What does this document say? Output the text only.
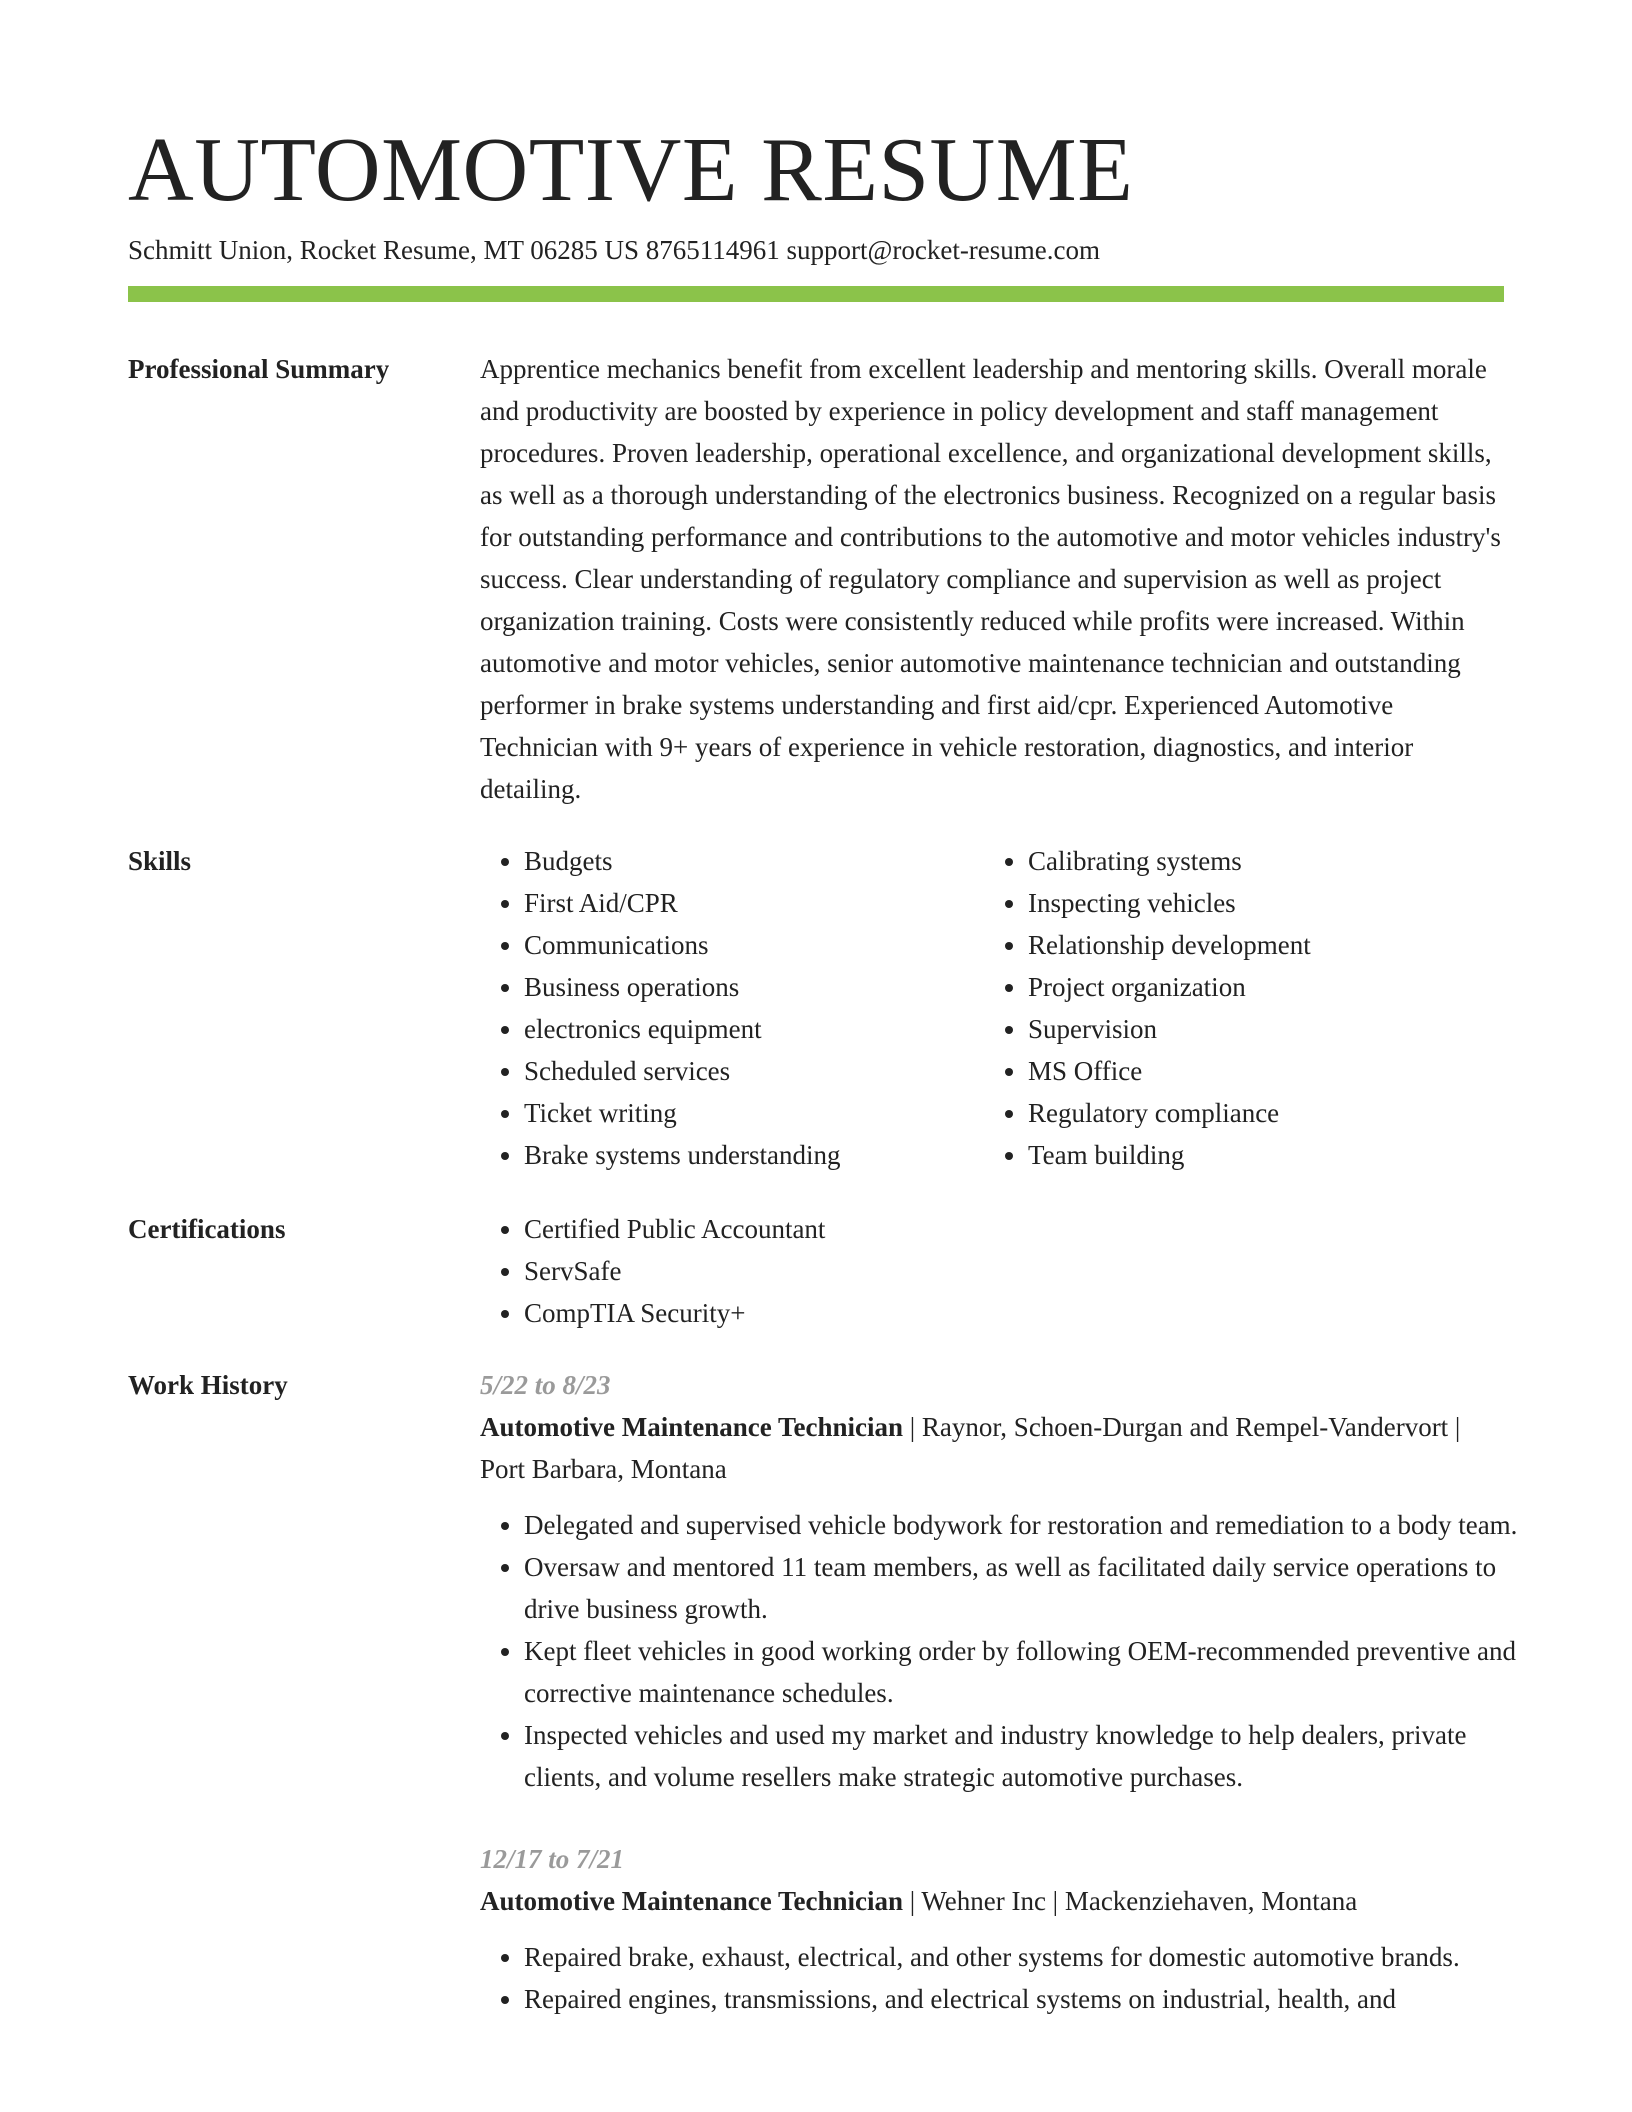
AUTOMOTIVE RESUME
Schmitt Union, Rocket Resume, MT 06285 US 8765114961 support@rocket-resume.com
Professional Summary	Apprentice mechanics benefit from excellent leadership and mentoring skills. Overall morale and productivity are boosted by experience in policy development and staff management procedures. Proven leadership, operational excellence, and organizational development skills, as well as a thorough understanding of the electronics business. Recognized on a regular basis for outstanding performance and contributions to the automotive and motor vehicles industry's success. Clear understanding of regulatory compliance and supervision as well as project organization training. Costs were consistently reduced while profits were increased. Within automotive and motor vehicles, senior automotive maintenance technician and outstanding performer in brake systems understanding and first aid/cpr. Experienced Automotive Technician with 9+ years of experience in vehicle restoration, diagnostics, and interior detailing.

Skills	• Budgets
• First Aid/CPR
• Communications
• Business operations
• electronics equipment
• Scheduled services
• Ticket writing
• Brake systems understanding
• Calibrating systems
• Inspecting vehicles
• Relationship development
• Project organization
• Supervision
• MS Office
• Regulatory compliance
• Team building
Certifications	• Certified Public Accountant
• ServSafe
• CompTIA Security+
Work History	5/22 to 8/23
Automotive Maintenance Technician | Raynor, Schoen-Durgan and Rempel-Vandervort | Port Barbara, Montana
• Delegated and supervised vehicle bodywork for restoration and remediation to a body team.
• Oversaw and mentored 11 team members, as well as facilitated daily service operations to drive business growth.
• Kept fleet vehicles in good working order by following OEM-recommended preventive and corrective maintenance schedules.
• Inspected vehicles and used my market and industry knowledge to help dealers, private clients, and volume resellers make strategic automotive purchases.
12/17 to 7/21
Automotive Maintenance Technician | Wehner Inc | Mackenziehaven, Montana
• Repaired brake, exhaust, electrical, and other systems for domestic automotive brands.
• Repaired engines, transmissions, and electrical systems on industrial, health, and
